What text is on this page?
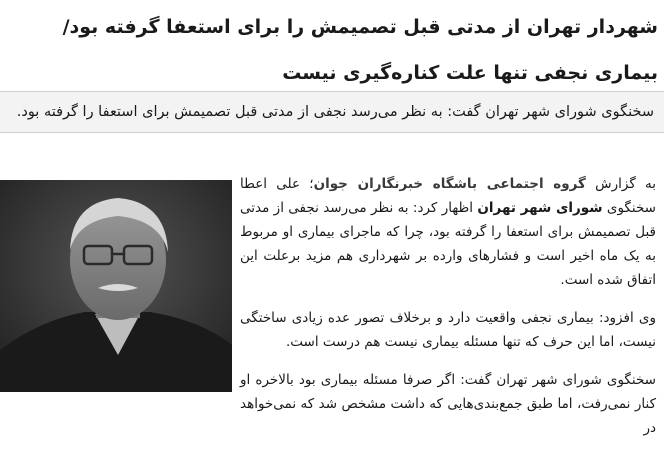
شهردار تهران از مدتی قبل تصمیمش را برای استعفا گرفته بود/ بیماری نجفی تنها علت کناره‌گیری نیست
سخنگوی شورای شهر تهران گفت: به نظر می‌رسد نجفی از مدتی قبل تصمیمش برای استعفا را گرفته بود.

به گزارش گروه اجتماعی باشگاه خبرنگاران جوان؛ علی اعطا سخنگوی شورای شهر تهران اظهار کرد: به نظر می‌رسد نجفی از مدتی قبل تصمیمش برای استعفا را گرفته بود، چرا که ماجرای بیماری او مربوط به یک ماه اخیر است و فشارهای وارده بر شهرداری هم مزید برعلت این اتفاق شده است.

وی افزود: بیماری نجفی واقعیت دارد و برخلاف تصور عده زیادی ساختگی نیست، اما این حرف که تنها مسئله بیماری نیست هم درست است.

سخنگوی شورای شهر تهران گفت: اگر صرفا مسئله بیماری بود بالاخره او کنار نمی‌رفت، اما طبق جمع‌بندی‌هایی که داشت مشخص شد که نمی‌خواهد در
